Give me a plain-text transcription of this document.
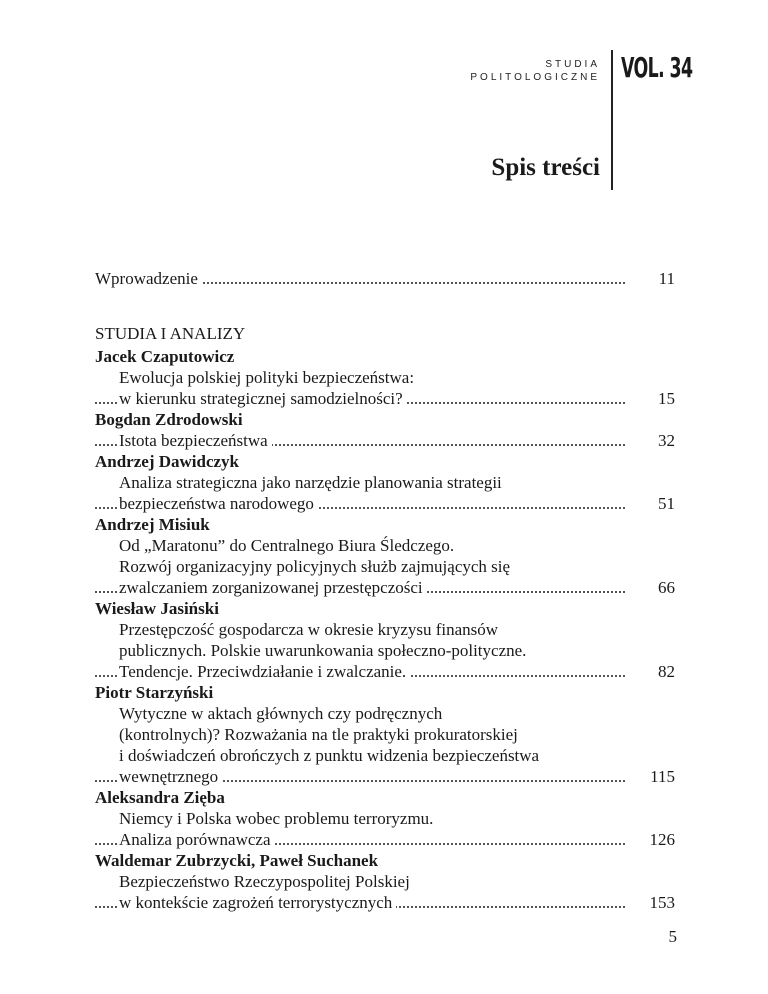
STUDIA
POLITOLOGICZNE VOL. 34
Spis treści
Wprowadzenie	11
STUDIA I ANALIZY
Jacek Czaputowicz
Ewolucja polskiej polityki bezpieczeństwa:
w kierunku strategicznej samodzielności?	15
Bogdan Zdrodowski
Istota bezpieczeństwa	32
Andrzej Dawidczyk
Analiza strategiczna jako narzędzie planowania strategii
bezpieczeństwa narodowego	51
Andrzej Misiuk
Od „Maratonu” do Centralnego Biura Śledczego.
Rozwój organizacyjny policyjnych służb zajmujących się
zwalczaniem zorganizowanej przestępczości	66
Wiesław Jasiński
Przestępczość gospodarcza w okresie kryzysu finansów
publicznych. Polskie uwarunkowania społeczno-polityczne.
Tendencje. Przeciwdziałanie i zwalczanie.	82
Piotr Starzyński
Wytyczne w aktach głównych czy podręcznych
(kontrolnych)? Rozważania na tle praktyki prokuratorskiej
i doświadczeń obrończych z punktu widzenia bezpieczeństwa
wewnętrznego	115
Aleksandra Zięba
Niemcy i Polska wobec problemu terroryzmu.
Analiza porównawcza	126
Waldemar Zubrzycki, Paweł Suchanek
Bezpieczeństwo Rzeczypospolitej Polskiej
w kontekście zagrożeń terrorystycznych	153
5
